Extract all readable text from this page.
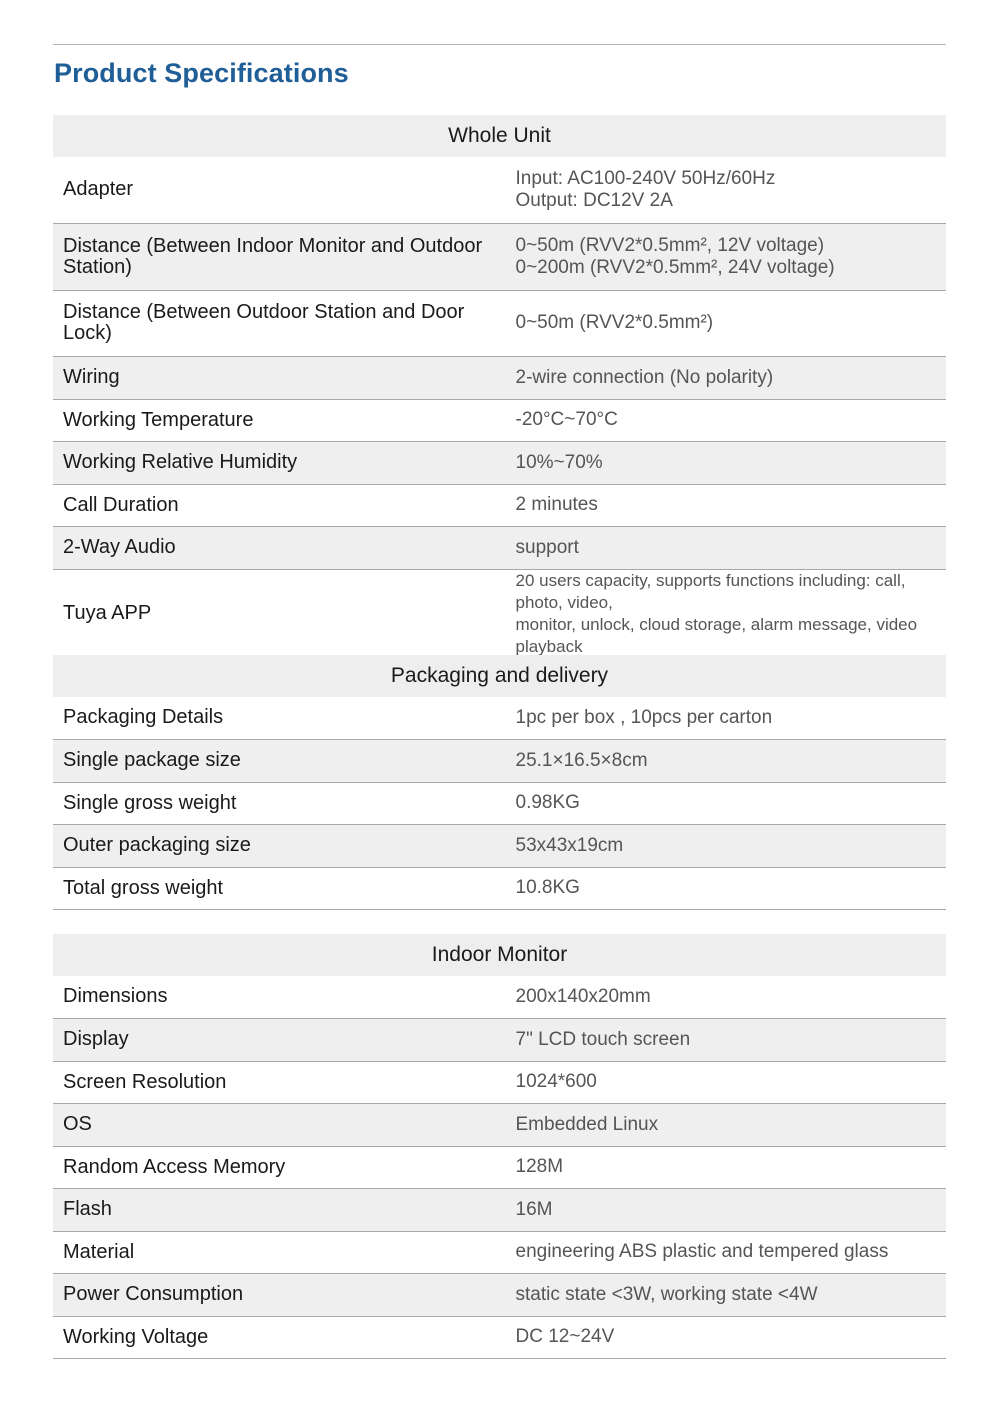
Product Specifications
Whole Unit	
Adapter	Input: AC100-240V 50Hz/60Hz
Output: DC12V 2A

Distance (Between Indoor Monitor and Outdoor Station)	0~50m (RVV2*0.5mm², 12V voltage)
0~200m (RVV2*0.5mm², 24V voltage)

Distance (Between Outdoor Station and Door Lock)	0~50m (RVV2*0.5mm²)

Wiring	2-wire connection (No polarity)

Working Temperature	-20°C~70°C

Working Relative Humidity	10%~70%

Call Duration	2 minutes

2-Way Audio	support

Tuya APP	20 users capacity, supports functions including: call, photo, video,
monitor, unlock, cloud storage, alarm message, video playback
Packaging and delivery	
Packaging Details	1pc per box , 10pcs per carton
Single package size	25.1×16.5×8cm
Single gross weight	0.98KG
Outer packaging size	53x43x19cm
Total gross weight	10.8KG
Indoor Monitor	
Dimensions	200x140x20mm
Display	7" LCD touch screen
Screen Resolution	1024*600
OS	Embedded Linux
Random Access Memory	128M
Flash	16M
Material	engineering ABS plastic and tempered glass
Power Consumption	static state <3W, working state <4W
Working Voltage	DC 12~24V
